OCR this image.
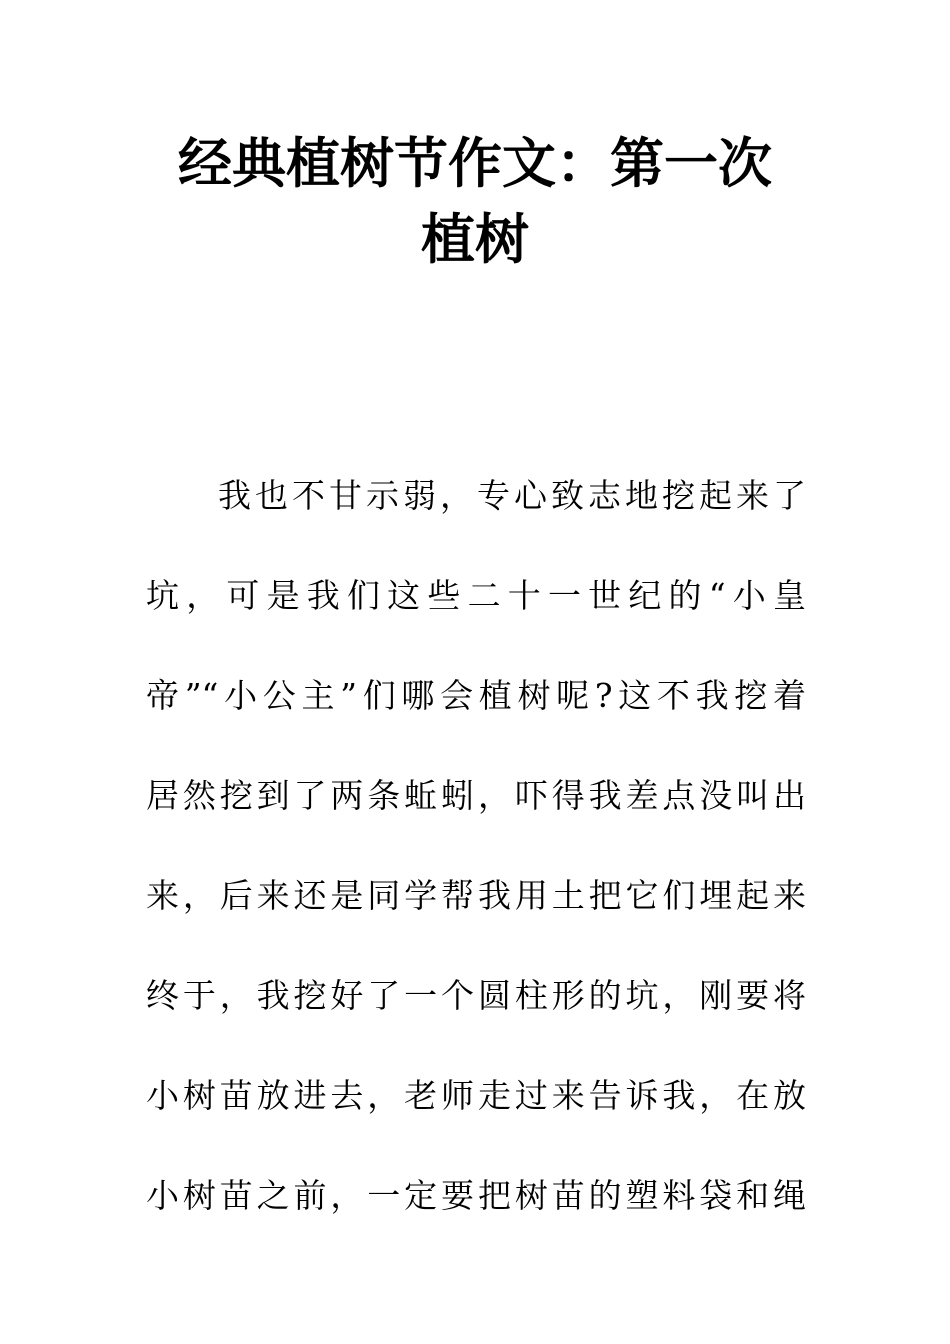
经典植树节作文：第一次
植树
我也不甘示弱，专心致志地挖起来了
坑，可是我们这些二十一世纪的“小皇
帝”“小公主”们哪会植树呢?这不我挖着
居然挖到了两条蚯蚓，吓得我差点没叫出
来，后来还是同学帮我用土把它们埋起来
终于，我挖好了一个圆柱形的坑，刚要将
小树苗放进去，老师走过来告诉我，在放
小树苗之前，一定要把树苗的塑料袋和绳
